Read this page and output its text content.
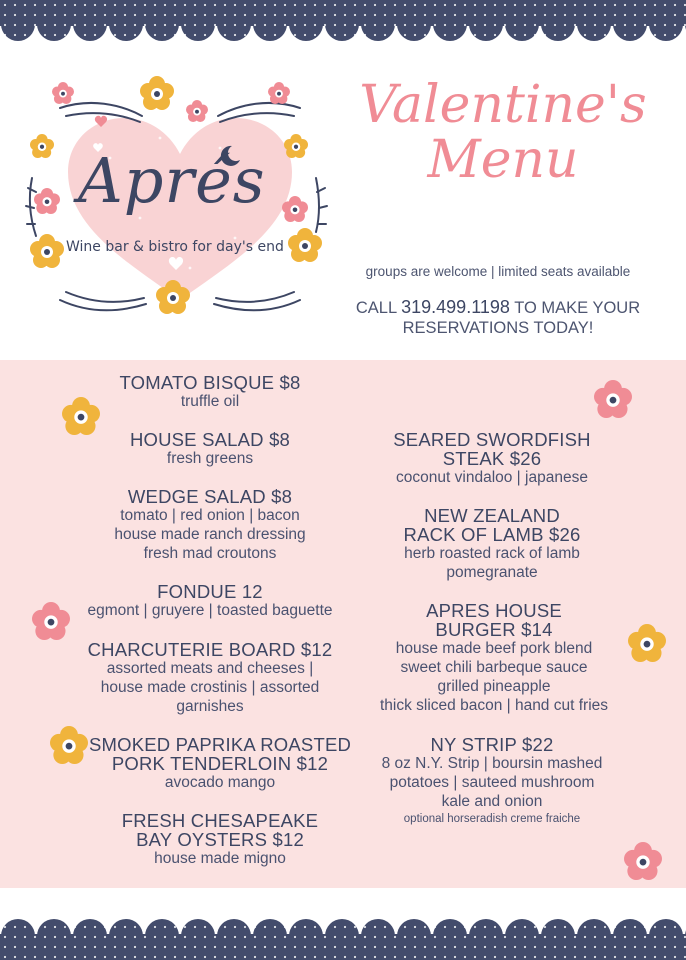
Aprés
Wine bar & bistro for day's end
Valentine's
Menu
groups are welcome | limited seats available
CALL 319.499.1198 TO MAKE YOUR
RESERVATIONS TODAY!
TOMATO BISQUE $8
truffle oil
HOUSE SALAD $8
fresh greens
WEDGE SALAD $8
tomato | red onion | bacon
house made ranch dressing
fresh mad croutons
FONDUE 12
egmont | gruyere | toasted baguette
CHARCUTERIE BOARD $12
assorted meats and cheeses |
house made crostinis | assorted
garnishes
SMOKED PAPRIKA ROASTED
PORK TENDERLOIN $12
avocado mango
FRESH CHESAPEAKE
BAY OYSTERS $12
house made migno
SEARED SWORDFISH
STEAK $26
coconut vindaloo | japanese
NEW ZEALAND
RACK OF LAMB $26
herb roasted rack of lamb
pomegranate
APRES HOUSE
BURGER $14
house made beef pork blend
sweet chili barbeque sauce
grilled pineapple
thick sliced bacon | hand cut fries
NY STRIP $22
8 oz N.Y. Strip | boursin mashed
potatoes | sauteed mushroom
kale and onion
optional horseradish creme fraiche
